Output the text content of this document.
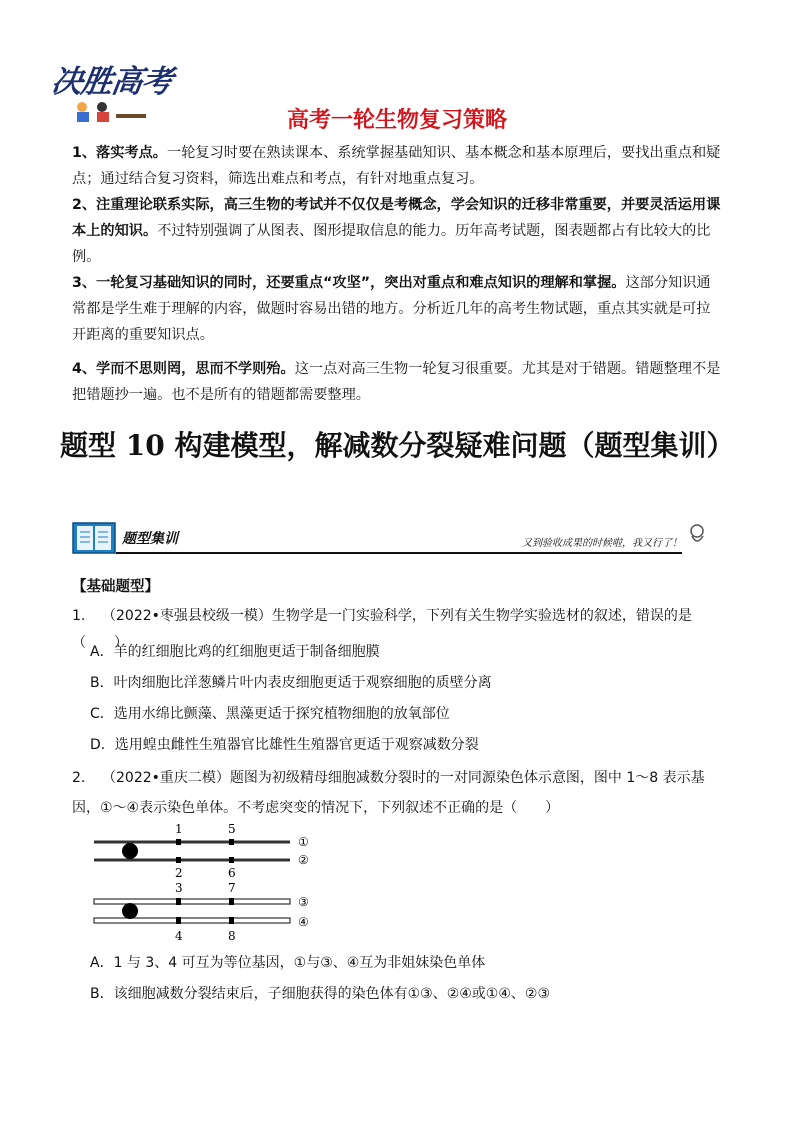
决胜高考
高考一轮生物复习策略
1、落实考点。一轮复习时要在熟读课本、系统掌握基础知识、基本概念和基本原理后，要找出重点和疑点；通过结合复习资料，筛选出难点和考点，有针对地重点复习。
2、注重理论联系实际，高三生物的考试并不仅仅是考概念，学会知识的迁移非常重要，并要灵活运用课本上的知识。不过特别强调了从图表、图形提取信息的能力。历年高考试题，图表题都占有比较大的比例。
3、一轮复习基础知识的同时，还要重点“攻坚”，突出对重点和难点知识的理解和掌握。这部分知识通常都是学生难于理解的内容，做题时容易出错的地方。分析近几年的高考生物试题，重点其实就是可拉开距离的重要知识点。
4、学而不思则罔，思而不学则殆。这一点对高三生物一轮复习很重要。尤其是对于错题。错题整理不是把错题抄一遍。也不是所有的错题都需要整理。
题型 10 构建模型，解减数分裂疑难问题（题型集训）
题型集训	又到验收成果的时候啦，我又行了！
【基础题型】
1. （2022•枣强县校级一模）生物学是一门实验科学，下列有关生物学实验选材的叙述，错误的是（　　）
A．羊的红细胞比鸡的红细胞更适于制备细胞膜
B．叶肉细胞比洋葱鳞片叶内表皮细胞更适于观察细胞的质壁分离
C．选用水绵比颤藻、黑藻更适于探究植物细胞的放氧部位
D．选用蝗虫雌性生殖器官比雄性生殖器官更适于观察减数分裂
2. （2022•重庆二模）题图为初级精母细胞减数分裂时的一对同源染色体示意图，图中 1～8 表示基因，①～④表示染色单体。不考虑突变的情况下，下列叙述不正确的是（　　）
1	5
2	6
①
②
3	7
4	8
③
④
A．1 与 3、4 可互为等位基因，①与③、④互为非姐妹染色单体
B．该细胞减数分裂结束后，子细胞获得的染色体有①③、②④或①④、②③
